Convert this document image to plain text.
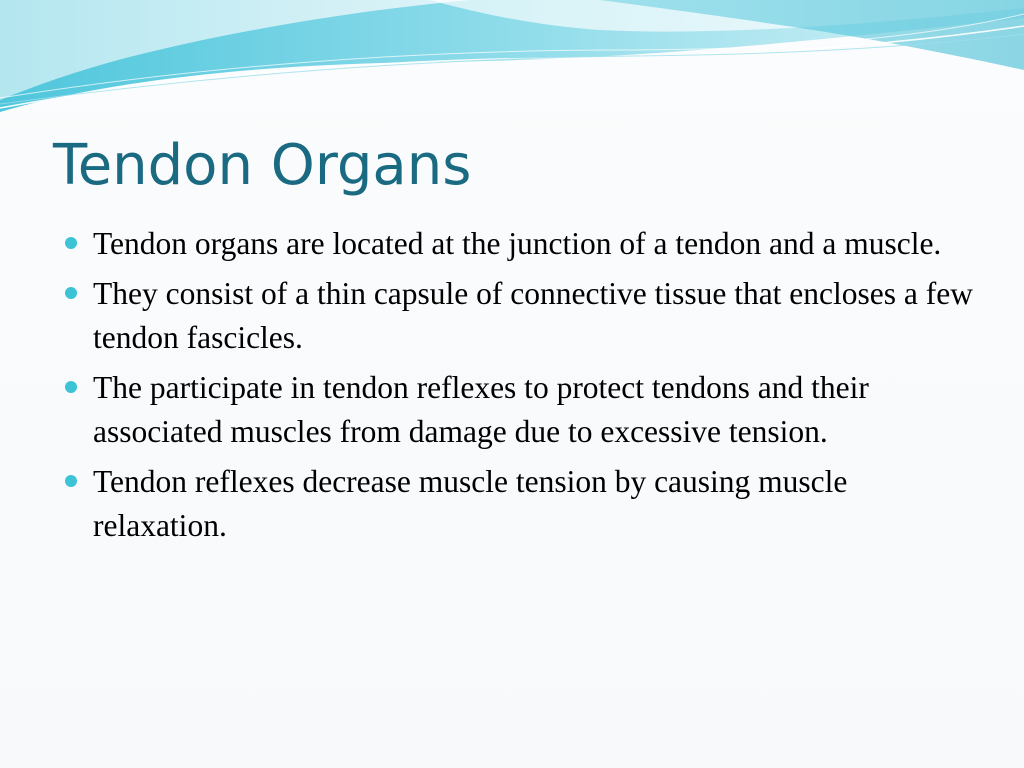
Tendon Organs
Tendon organs are located at the junction of a tendon and a muscle.
They consist of a thin capsule of connective tissue that encloses a few tendon fascicles.
The participate in tendon reflexes to protect tendons and their associated muscles from damage due to excessive tension.
Tendon reflexes decrease muscle tension by causing muscle relaxation.
